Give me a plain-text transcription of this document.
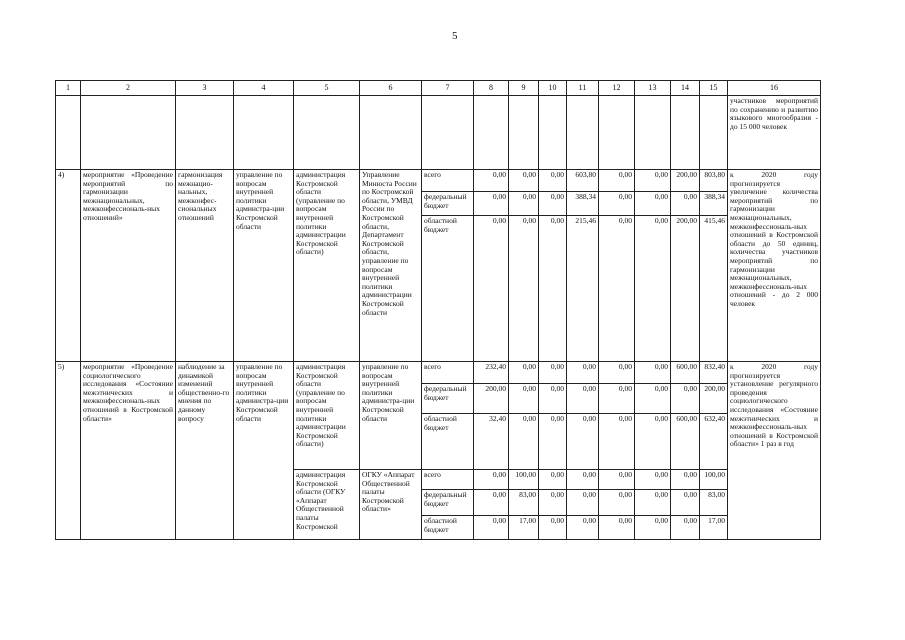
5
1	2	3	4	5	6	7	8	9	10	11	12	13	14	15	16
															участников мероприятий по сохранению и развитию языкового многообразия - до 15 000 человек
4)	мероприятие «Проведение мероприятий по гармонизации межнациональных, межконфессиональ-ных отношений»	гармонизация межнацио-нальных, межконфес-сиональных отношений	управление по вопросам внутренней политики админстра-ции Костромской области	администрация Костромской области (управление по вопросам внутренней политики администрации Костромской области)	Управление Минюста России по Костромской области, УМВД России по Костромской области, Департамент Костромской области, управление по вопросам внутренней политики администрации Костромской области	всего	0,00	0,00	0,00	603,80	0,00	0,00	200,00	803,80	к 2020 году прогнозируется увеличение количества мероприятий по гармонизации межнациональных, межконфессиональ-ных отношений в Костромской области до 50 единиц, количества участников мероприятий по гармонизации межнациональных, межконфессиональ-ных отношений - до 2 000 человек
						федеральный бюджет	0,00	0,00	0,00	388,34	0,00	0,00	0,00	388,34	
						областной бюджет	0,00	0,00	0,00	215,46	0,00	0,00	200,00	415,46	
5)	мероприятие «Проведение социологического исследования «Состояние межэтнических и межконфессиональ-ных отношений в Костромской области»	наблюдение за динамикой изменений общественно-го мнения по данному вопросу	управление по вопросам внутренней политики администра-ции Костромской области	администрация Костромской области (управление по вопросам внутренней политики администрации Костромской области)	управление по вопросам внутренней политики администра-ции Костромской области	всего	232,40	0,00	0,00	0,00	0,00	0,00	600,00	832,40	к 2020 году прогнозируется установление регулярного проведения социологического исследования «Состояние межэтнических и межконфессиональ-ных отношений в Костромской области» 1 раз в год
						федеральный бюджет	200,00	0,00	0,00	0,00	0,00	0,00	0,00	200,00	
						областной бюджет	32,40	0,00	0,00	0,00	0,00	0,00	600,00	632,40	
				администрация Костромской области (ОГКУ «Аппарат Общественной палаты Костромской	ОГКУ «Аппарат Общественной палаты Костромской области»	всего	0,00	100,00	0,00	0,00	0,00	0,00	0,00	100,00	
						федеральный бюджет	0,00	83,00	0,00	0,00	0,00	0,00	0,00	83,00	
						областной бюджет	0,00	17,00	0,00	0,00	0,00	0,00	0,00	17,00	
